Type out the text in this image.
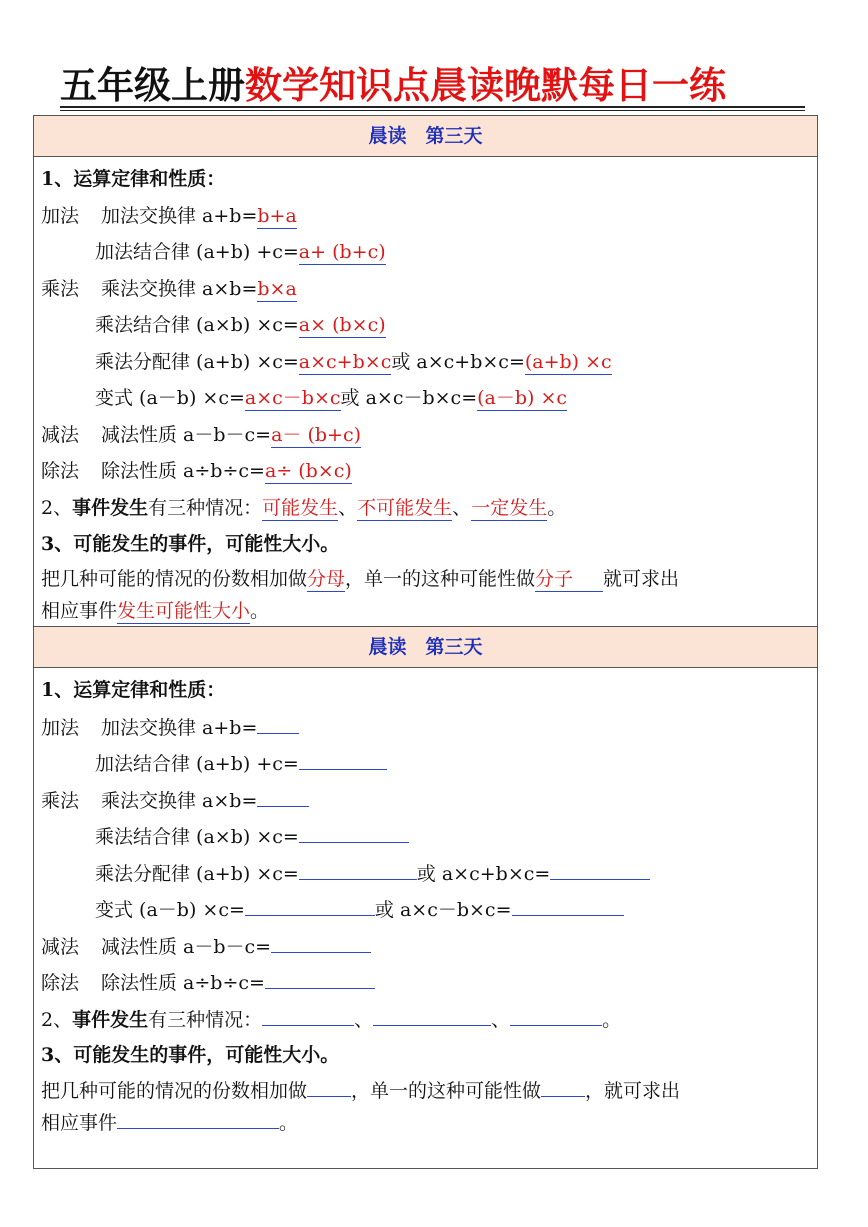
五年级上册数学知识点晨读晚默每日一练
晨读　第三天
1、运算定律和性质：
加法 加法交换律 a+b=b+a
加法结合律 (a+b) +c=a+ (b+c)
乘法 乘法交换律 a×b=b×a
乘法结合律 (a×b) ×c=a× (b×c)
乘法分配律 (a+b) ×c=a×c+b×c或 a×c+b×c=(a+b) ×c
变式 (a－b) ×c=a×c－b×c或 a×c－b×c=(a－b) ×c
减法 减法性质 a－b－c=a－ (b+c)
除法 除法性质 a÷b÷c=a÷ (b×c)
2、事件发生有三种情况：可能发生、不可能发生、一定发生。
3、可能发生的事件，可能性大小。
把几种可能的情况的份数相加做分母，单一的这种可能性做分子 就可求出
相应事件发生可能性大小。
晨读　第三天
1、运算定律和性质：
加法 加法交换律 a+b=
加法结合律 (a+b) +c=
乘法 乘法交换律 a×b=
乘法结合律 (a×b) ×c=
乘法分配律 (a+b) ×c=	或 a×c+b×c=
变式 (a－b) ×c=	或 a×c－b×c=
减法 减法性质 a－b－c=
除法 除法性质 a÷b÷c=
2、事件发生有三种情况：	、	、	。
3、可能发生的事件，可能性大小。
把几种可能的情况的份数相加做 ，单一的这种可能性做 ，就可求出
相应事件	。
